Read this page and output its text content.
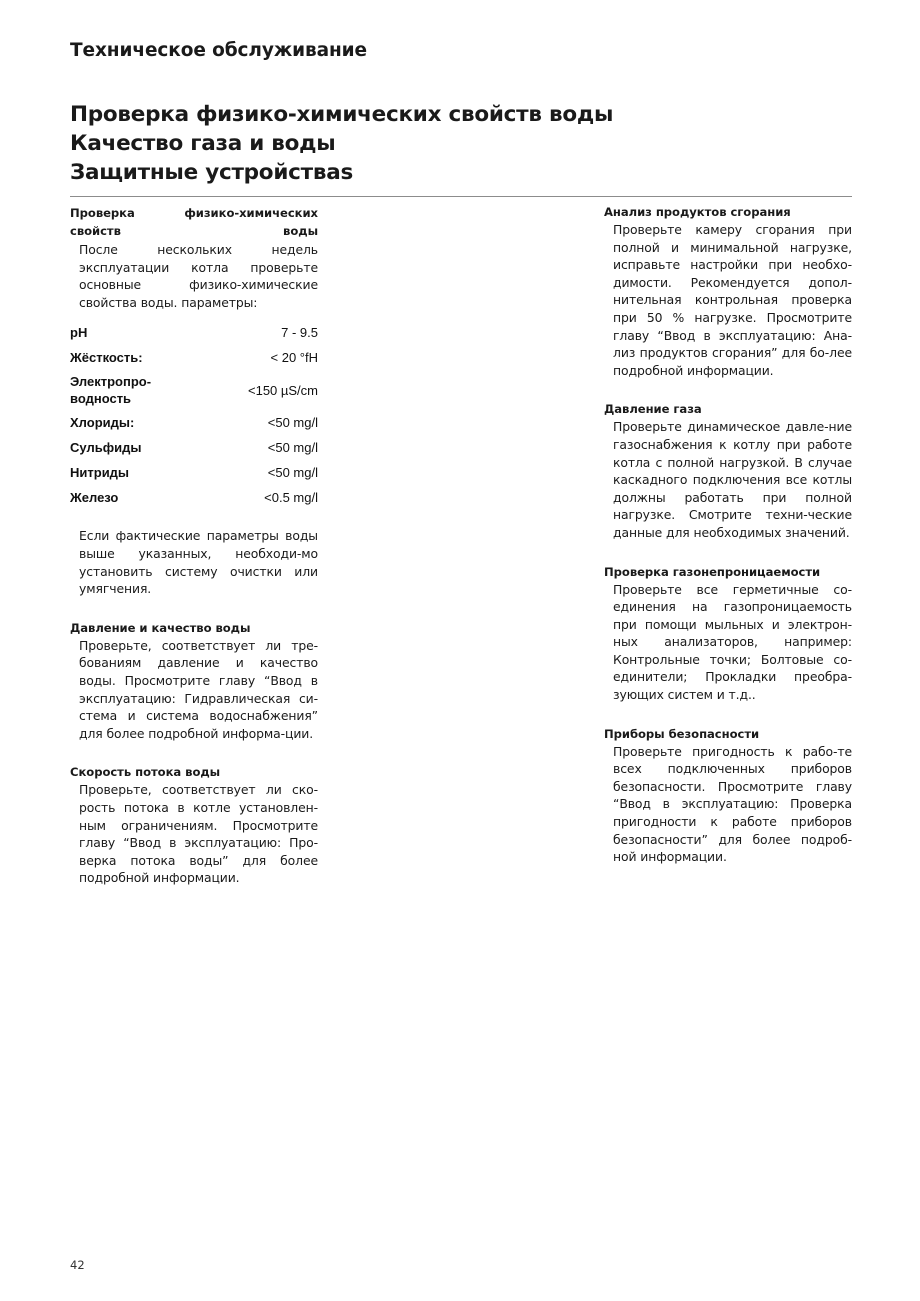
Техническое обслуживание
Проверка физико-химических свойств воды
Качество газа и воды
Защитные устройстваs
Проверка физико-химических свойств воды

После нескольких недель эксплуатации котла проверьте основные физико-химические свойства воды. параметры:

pH	7 - 9.5
Жёсткость:	< 20 °fH
Электропро-
водность	<150 µS/cm
Хлориды:	<50 mg/l
Сульфиды	<50 mg/l
Нитриды	<50 mg/l
Железо	<0.5 mg/l

Если фактические параметры воды выше указанных, необходи-мо установить систему очистки или умягчения.

Давление и качество воды

Проверьте, соответствует ли тре-бованиям давление и качество воды. Просмотрите главу “Ввод в эксплуатацию: Гидравлическая си-стема и система водоснабжения” для более подробной информа-ции.

Скорость потока воды

Проверьте, соответствует ли ско-рость потока в котле установлен-ным ограничениям. Просмотрите главу “Ввод в эксплуатацию: Про-верка потока воды” для более подробной информации.

Анализ продуктов сгорания

Проверьте камеру сгорания при полной и минимальной нагрузке, исправьте настройки при необхо-димости. Рекомендуется допол-нительная контрольная проверка при 50 % нагрузке. Просмотрите главу “Ввод в эксплуатацию: Ана-лиз продуктов сгорания” для бо-лее подробной информации.

Давление газа

Проверьте динамическое давле-ние газоснабжения к котлу при работе котла с полной нагрузкой. В случае каскадного подключения все котлы должны работать при полной нагрузке. Смотрите техни-ческие данные для необходимых значений.

Проверка газонепроницаемости

Проверьте все герметичные со-единения на газопроницаемость при помощи мыльных и электрон-ных анализаторов, например: Контрольные точки; Болтовые со-единители; Прокладки преобра-зующих систем и т.д..

Приборы безопасности

Проверьте пригодность к рабо-те всех подключенных приборов безопасности. Просмотрите главу “Ввод в эксплуатацию: Проверка пригодности к работе приборов безопасности” для более подроб-ной информации.

42
